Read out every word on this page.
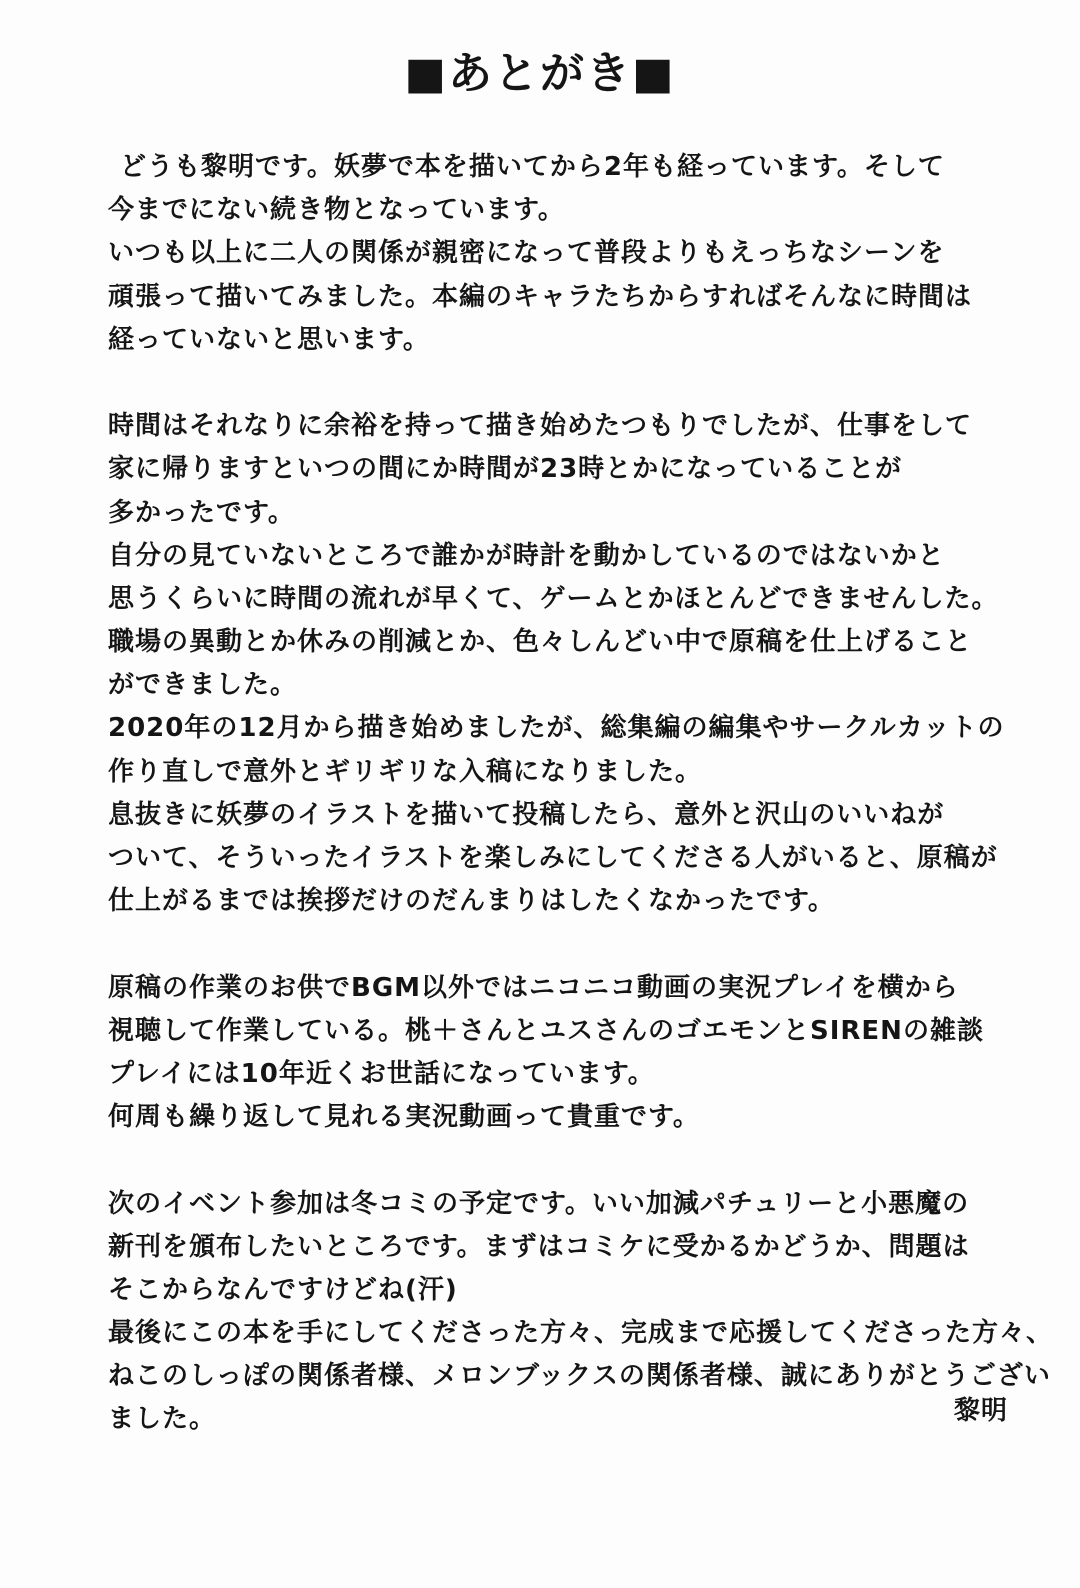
■あとがき■
どうも黎明です。妖夢で本を描いてから2年も経っています。そして
今までにない続き物となっています。
いつも以上に二人の関係が親密になって普段よりもえっちなシーンを
頑張って描いてみました。本編のキャラたちからすればそんなに時間は
経っていないと思います。
時間はそれなりに余裕を持って描き始めたつもりでしたが、仕事をして
家に帰りますといつの間にか時間が23時とかになっていることが
多かったです。
自分の見ていないところで誰かが時計を動かしているのではないかと
思うくらいに時間の流れが早くて、ゲームとかほとんどできませんした。
職場の異動とか休みの削減とか、色々しんどい中で原稿を仕上げること
ができました。
2020年の12月から描き始めましたが、総集編の編集やサークルカットの
作り直しで意外とギリギリな入稿になりました。
息抜きに妖夢のイラストを描いて投稿したら、意外と沢山のいいねが
ついて、そういったイラストを楽しみにしてくださる人がいると、原稿が
仕上がるまでは挨拶だけのだんまりはしたくなかったです。
原稿の作業のお供でBGM以外ではニコニコ動画の実況プレイを横から
視聴して作業している。桃＋さんとユスさんのゴエモンとSIRENの雑談
プレイには10年近くお世話になっています。
何周も繰り返して見れる実況動画って貴重です。
次のイベント参加は冬コミの予定です。いい加減パチュリーと小悪魔の
新刊を頒布したいところです。まずはコミケに受かるかどうか、問題は
そこからなんですけどね(汗)
最後にこの本を手にしてくださった方々、完成まで応援してくださった方々、
ねこのしっぽの関係者様、メロンブックスの関係者様、誠にありがとうござい
ました。	黎明
